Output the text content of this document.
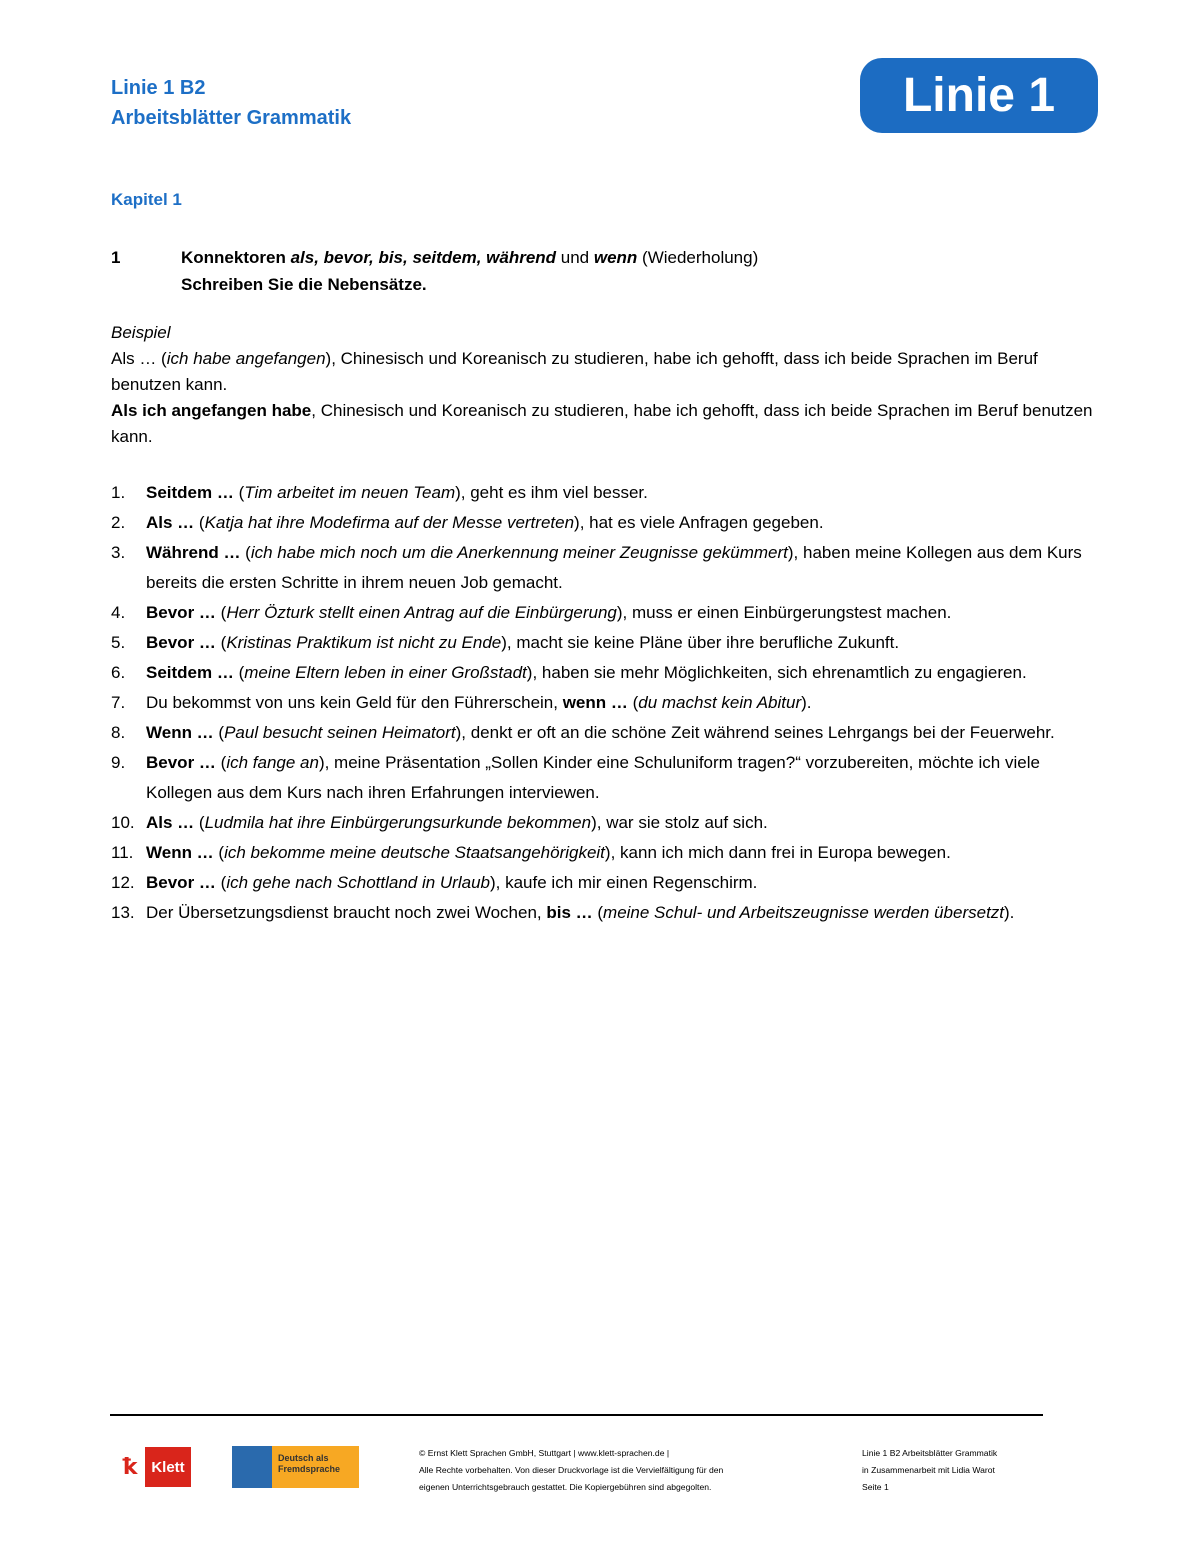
Linie 1 B2
Arbeitsblätter Grammatik	Linie 1
Kapitel 1
1	Konnektoren als, bevor, bis, seitdem, während und wenn (Wiederholung)
Schreiben Sie die Nebensätze.

Beispiel

Als … (ich habe angefangen), Chinesisch und Koreanisch zu studieren, habe ich gehofft, dass ich beide Sprachen im Beruf benutzen kann.

Als ich angefangen habe, Chinesisch und Koreanisch zu studieren, habe ich gehofft, dass ich beide Sprachen im Beruf benutzen kann.

1. Seitdem … (Tim arbeitet im neuen Team), geht es ihm viel besser.
2. Als … (Katja hat ihre Modefirma auf der Messe vertreten), hat es viele Anfragen gegeben.
3. Während … (ich habe mich noch um die Anerkennung meiner Zeugnisse gekümmert), haben meine Kollegen aus dem Kurs bereits die ersten Schritte in ihrem neuen Job gemacht.
4. Bevor … (Herr Özturk stellt einen Antrag auf die Einbürgerung), muss er einen Einbürgerungstest machen.
5. Bevor … (Kristinas Praktikum ist nicht zu Ende), macht sie keine Pläne über ihre berufliche Zukunft.
6. Seitdem … (meine Eltern leben in einer Großstadt), haben sie mehr Möglichkeiten, sich ehrenamtlich zu engagieren.
7. Du bekommst von uns kein Geld für den Führerschein, wenn … (du machst kein Abitur).
8. Wenn … (Paul besucht seinen Heimatort), denkt er oft an die schöne Zeit während seines Lehrgangs bei der Feuerwehr.
9. Bevor … (ich fange an), meine Präsentation „Sollen Kinder eine Schuluniform tragen?“ vorzubereiten, möchte ich viele Kollegen aus dem Kurs nach ihren Erfahrungen interviewen.
10. Als … (Ludmila hat ihre Einbürgerungsurkunde bekommen), war sie stolz auf sich.
11. Wenn … (ich bekomme meine deutsche Staatsangehörigkeit), kann ich mich dann frei in Europa bewegen.
12. Bevor … (ich gehe nach Schottland in Urlaub), kaufe ich mir einen Regenschirm.
13. Der Übersetzungsdienst braucht noch zwei Wochen, bis … (meine Schul- und Arbeitszeugnisse werden übersetzt).
ꝁ Klett
Deutsch als Fremdsprache
© Ernst Klett Sprachen GmbH, Stuttgart | www.klett-sprachen.de |
Alle Rechte vorbehalten. Von dieser Druckvorlage ist die Vervielfältigung für den
eigenen Unterrichtsgebrauch gestattet. Die Kopiergebühren sind abgegolten.
Linie 1 B2 Arbeitsblätter Grammatik
in Zusammenarbeit mit Lidia Warot
Seite 1
